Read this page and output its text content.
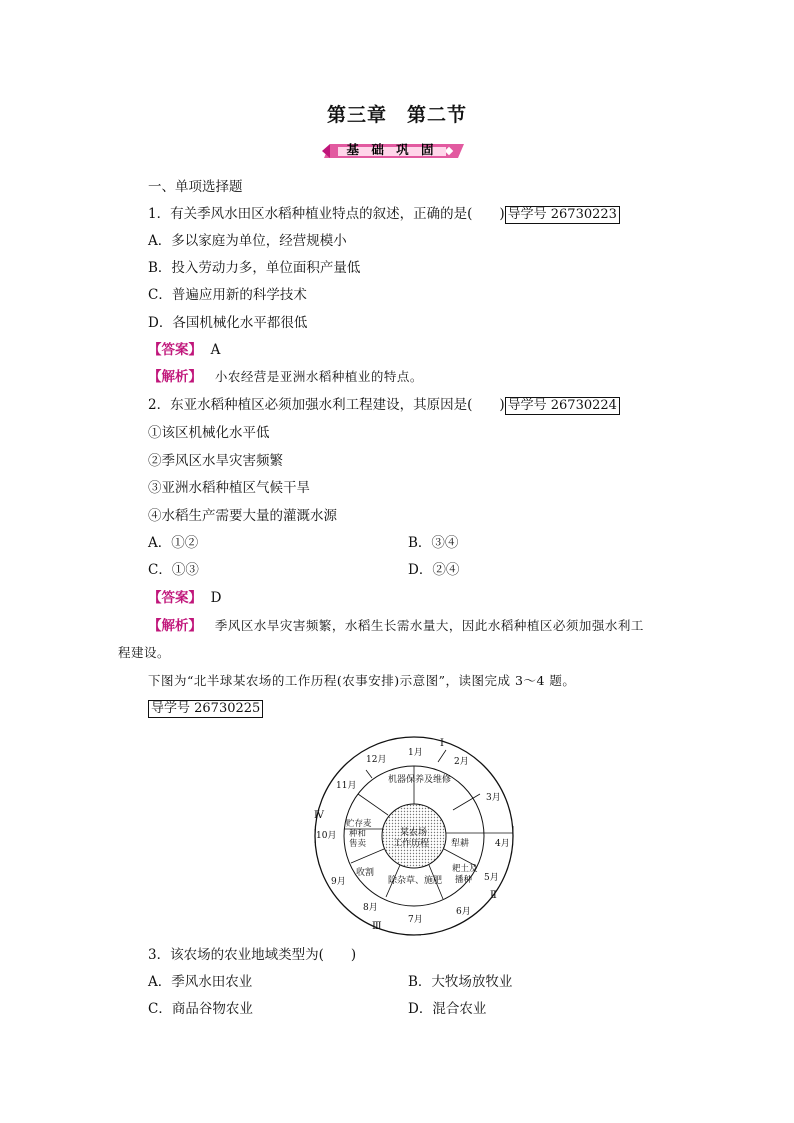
第三章　第二节
基 础 巩 固
一、单项选择题
1．有关季风水田区水稻种植业特点的叙述，正确的是(　　) 导学号 26730223
A．多以家庭为单位，经营规模小
B．投入劳动力多，单位面积产量低
C．普遍应用新的科学技术
D．各国机械化水平都很低
【答案】 A
【解析】 小农经营是亚洲水稻种植业的特点。
2．东亚水稻种植区必须加强水利工程建设，其原因是(　　) 导学号 26730224
①该区机械化水平低
②季风区水旱灾害频繁
③亚洲水稻种植区气候干旱
④水稻生产需要大量的灌溉水源
A．①②	B．③④
C．①③	D．②④
【答案】 D
【解析】 季风区水旱灾害频繁，水稻生长需水量大，因此水稻种植区必须加强水利工
程建设。
下图为“北半球某农场的工作历程(农事安排)示意图”，读图完成 3～4 题。
导学号 26730225
1月
2月
3月
4月
5月
6月
7月
8月
9月
10月
11月
12月
Ⅰ
Ⅱ
Ⅲ
Ⅳ
机器保养及维修
犁耕
耙土及
播种
除杂草、施肥
收割
贮存麦
种和
售卖
某农场
工作历程
3．该农场的农业地域类型为(　　)
A．季风水田农业	B．大牧场放牧业
C．商品谷物农业	D．混合农业
